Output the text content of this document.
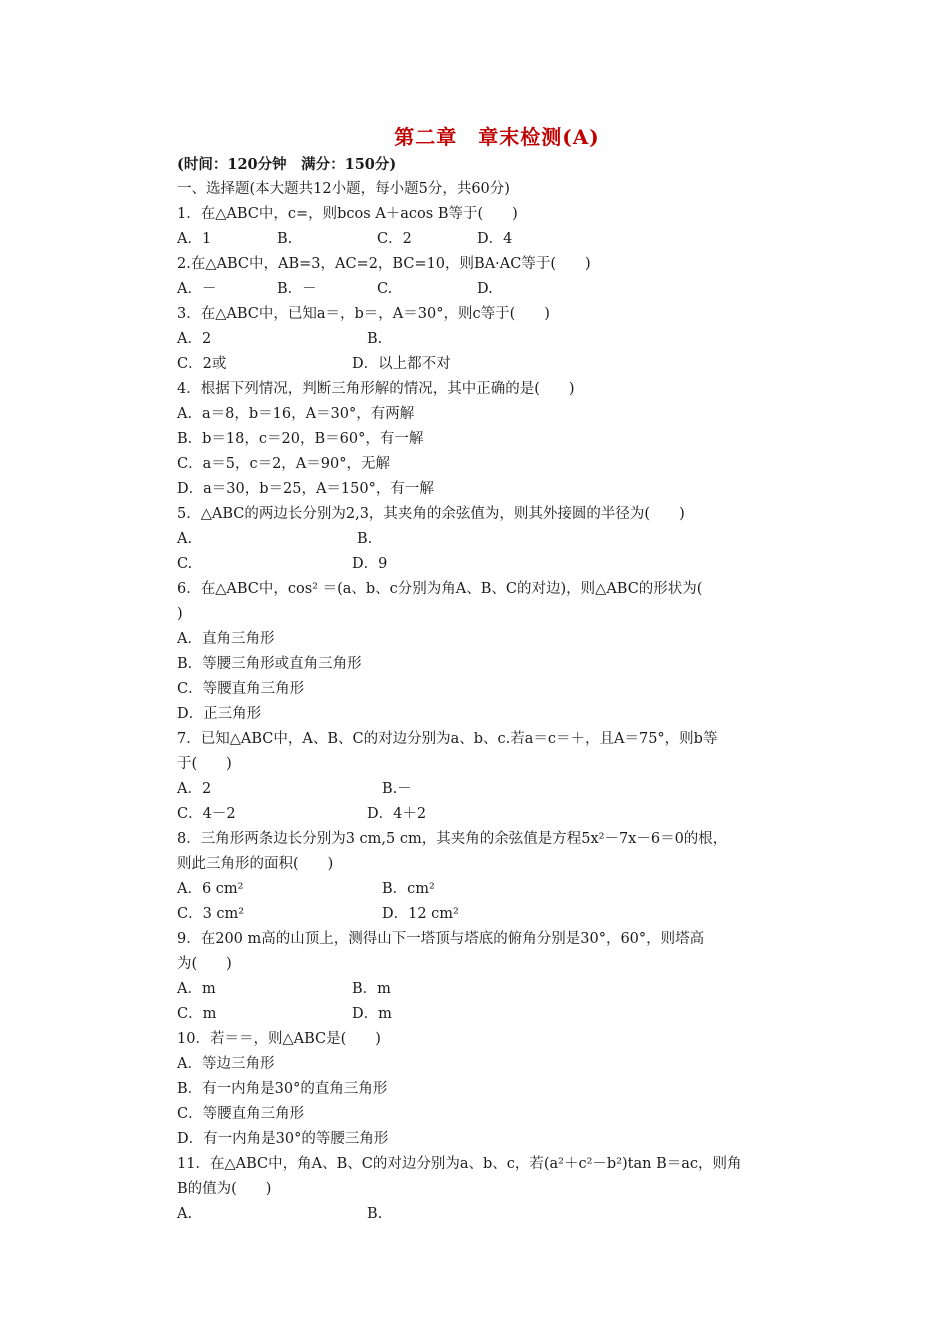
第二章　章末检测(A)
(时间：120分钟　满分：150分)
一、选择题(本大题共12小题，每小题5分，共60分)
1．在△ABC中，c=，则bcos A＋acos B等于(　　)
A．1	B.	C．2	D．4
2.在△ABC中，AB=3，AC=2，BC=10，则BA·AC等于(　　)
A．－	B．－	C.	D.
3．在△ABC中，已知a＝，b＝，A＝30°，则c等于(　　)
A．2	B.
C．2或	D．以上都不对
4．根据下列情况，判断三角形解的情况，其中正确的是(　　)
A．a＝8，b＝16，A＝30°，有两解
B．b＝18，c＝20，B＝60°，有一解
C．a＝5，c＝2，A＝90°，无解
D．a＝30，b＝25，A＝150°，有一解
5．△ABC的两边长分别为2,3，其夹角的余弦值为，则其外接圆的半径为(　　)
A.	B.
C.	D．9
6．在△ABC中，cos² ＝(a、b、c分别为角A、B、C的对边)，则△ABC的形状为(
)
A．直角三角形
B．等腰三角形或直角三角形
C．等腰直角三角形
D．正三角形
7．已知△ABC中，A、B、C的对边分别为a、b、c.若a＝c＝＋，且A＝75°，则b等
于(　　)
A．2	B.－
C．4－2	D．4＋2
8．三角形两条边长分别为3 cm,5 cm，其夹角的余弦值是方程5x²－7x－6＝0的根，
则此三角形的面积(　　)
A．6 cm²	B．cm²
C．3 cm²	D．12 cm²
9．在200 m高的山顶上，测得山下一塔顶与塔底的俯角分别是30°，60°，则塔高
为(　　)
A．m	B．m
C．m	D．m
10．若＝＝，则△ABC是(　　)
A．等边三角形
B．有一内角是30°的直角三角形
C．等腰直角三角形
D．有一内角是30°的等腰三角形
11．在△ABC中，角A、B、C的对边分别为a、b、c，若(a²＋c²－b²)tan B＝ac，则角
B的值为(　　)
A.	B.
